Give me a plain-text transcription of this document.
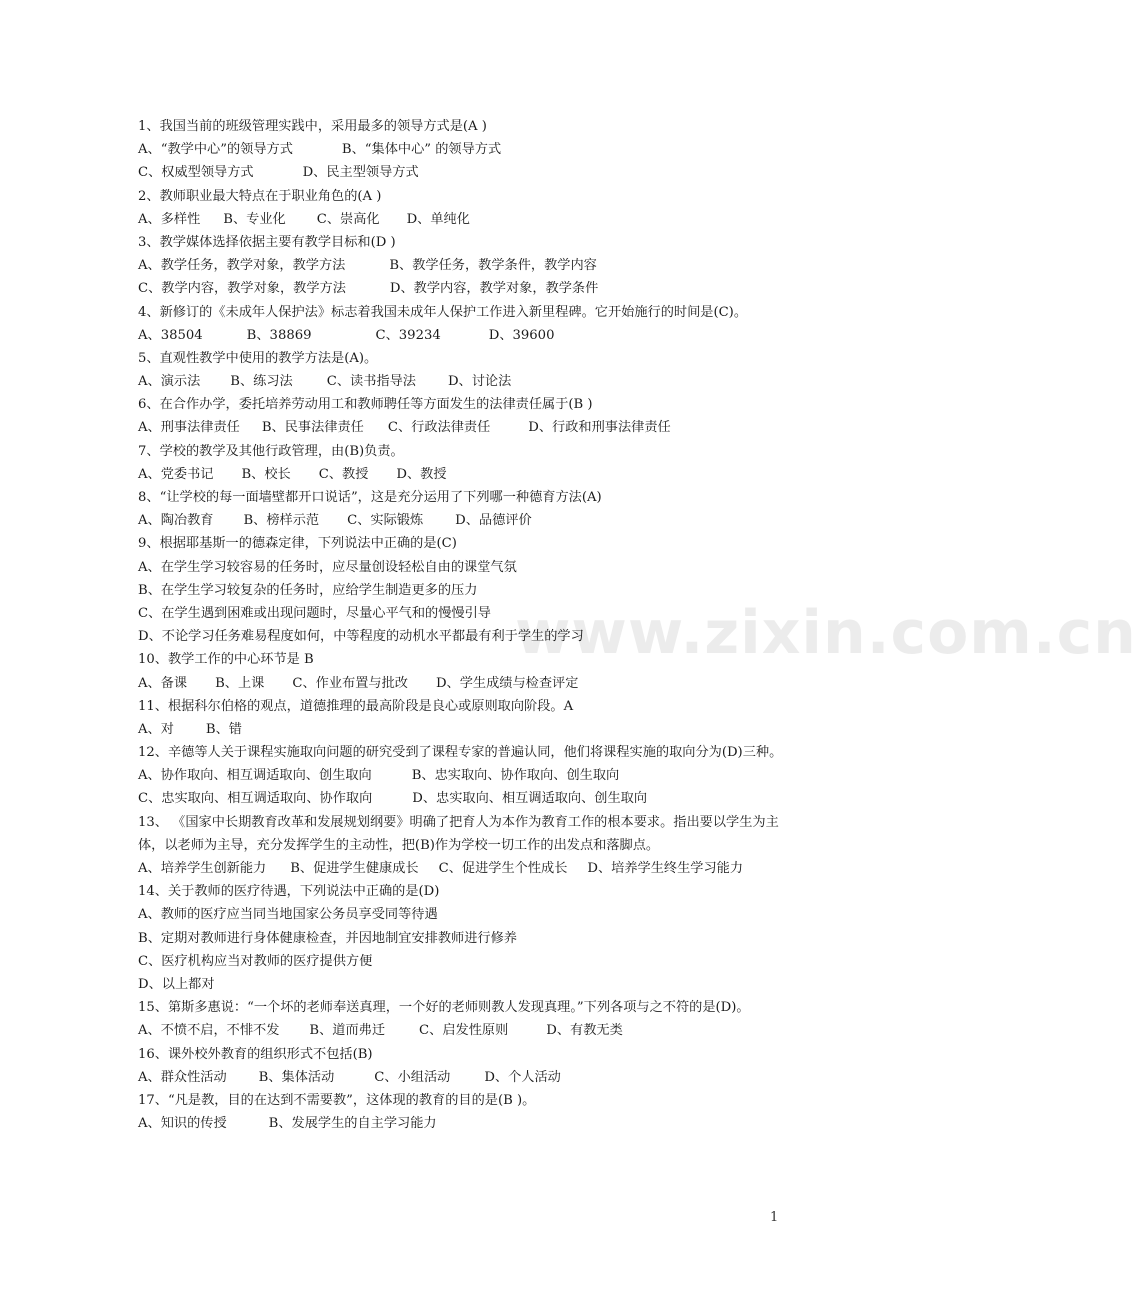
www.zixin.com.cn
1、我国当前的班级管理实践中，采用最多的领导方式是(A )
A、“教学中心”的领导方式	B、“集体中心” 的领导方式
C、权威型领导方式	D、民主型领导方式
2、教师职业最大特点在于职业角色的(A )
A、多样性 B、专业化 C、崇高化 D、单纯化
3、教学媒体选择依据主要有教学目标和(D )
A、教学任务，教学对象，教学方法	B、教学任务，教学条件，教学内容
C、教学内容，教学对象，教学方法	D、教学内容，教学对象，教学条件
4、新修订的《未成年人保护法》标志着我国未成年人保护工作进入新里程碑。它开始施行的时间是(C)。
A、38504	B、38869	C、39234	D、39600
5、直观性教学中使用的教学方法是(A)。
A、演示法 B、练习法	C、读书指导法 D、讨论法
6、在合作办学，委托培养劳动用工和教师聘任等方面发生的法律责任属于(B )
A、刑事法律责任 B、民事法律责任 C、行政法律责任	D、行政和刑事法律责任
7、学校的教学及其他行政管理，由(B)负责。
A、党委书记 B、校长 C、教授 D、教授
8、“让学校的每一面墙壁都开口说话”，这是充分运用了下列哪一种德育方法(A)
A、陶冶教育 B、榜样示范 C、实际锻炼 D、品德评价
9、根据耶基斯一的德森定律，下列说法中正确的是(C)
A、在学生学习较容易的任务时，应尽量创设轻松自由的课堂气氛
B、在学生学习较复杂的任务时，应给学生制造更多的压力
C、在学生遇到困难或出现问题时，尽量心平气和的慢慢引导
D、不论学习任务难易程度如何，中等程度的动机水平都最有利于学生的学习
10、教学工作的中心环节是 B
A、备课 B、上课 C、作业布置与批改 D、学生成绩与检查评定
11、根据科尔伯格的观点，道德推理的最高阶段是良心或原则取向阶段。A
A、对 B、错
12、辛德等人关于课程实施取向问题的研究受到了课程专家的普遍认同，他们将课程实施的取向分为(D)三种。
A、协作取向、相互调适取向、创生取向	B、忠实取向、协作取向、创生取向
C、忠实取向、相互调适取向、协作取向	D、忠实取向、相互调适取向、创生取向
13、 《国家中长期教育改革和发展规划纲要》明确了把育人为本作为教育工作的根本要求。指出要以学生为主体，以老师为主导，充分发挥学生的主动性，把(B)作为学校一切工作的出发点和落脚点。
A、培养学生创新能力 B、促进学生健康成长 C、促进学生个性成长 D、培养学生终生学习能力
14、关于教师的医疗待遇，下列说法中正确的是(D)
A、教师的医疗应当同当地国家公务员享受同等待遇
B、定期对教师进行身体健康检查，并因地制宜安排教师进行修养
C、医疗机构应当对教师的医疗提供方便
D、以上都对
15、第斯多惠说：“一个坏的老师奉送真理，一个好的老师则教人发现真理。”下列各项与之不符的是(D)。
A、不愤不启，不悱不发 B、道而弗迁	C、启发性原则	D、有教无类
16、课外校外教育的组织形式不包括(B)
A、群众性活动 B、集体活动	C、小组活动	D、个人活动
17、“凡是教，目的在达到不需要教”，这体现的教育的目的是(B )。
A、知识的传授	B、发展学生的自主学习能力
1
